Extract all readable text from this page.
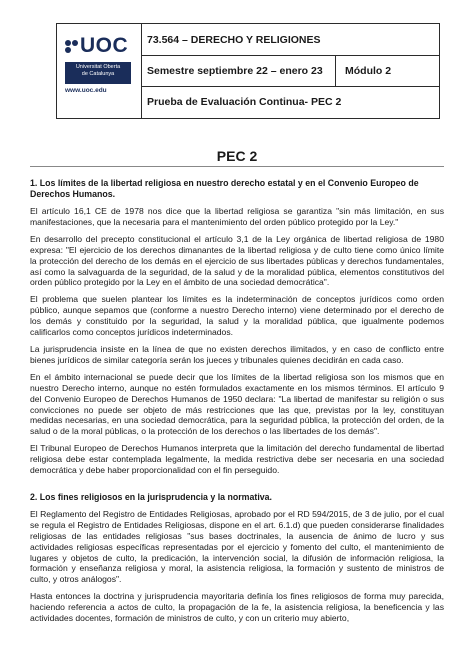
UOC
Universitat Oberta
de Catalunya
www.uoc.edu
73.564 – DERECHO Y RELIGIONES
Semestre septiembre 22 – enero 23 Módulo 2
Prueba de Evaluación Continua- PEC 2
PEC 2
1. Los límites de la libertad religiosa en nuestro derecho estatal y en el Convenio Europeo de Derechos Humanos.

El artículo 16,1 CE de 1978 nos dice que la libertad religiosa se garantiza "sin más limitación, en sus manifestaciones, que la necesaria para el mantenimiento del orden público protegido por la Ley."

En desarrollo del precepto constitucional el artículo 3,1 de la Ley orgánica de libertad religiosa de 1980 expresa: "El ejercicio de los derechos dimanantes de la libertad religiosa y de culto tiene como único límite la protección del derecho de los demás en el ejercicio de sus libertades públicas y derechos fundamentales, así como la salvaguarda de la seguridad, de la salud y de la moralidad pública, elementos constitutivos del orden público protegido por la Ley en el ámbito de una sociedad democrática".

El problema que suelen plantear los límites es la indeterminación de conceptos jurídicos como orden público, aunque sepamos que (conforme a nuestro Derecho interno) viene determinado por el derecho de los demás y constituido por la seguridad, la salud y la moralidad pública, que igualmente podemos calificarlos como conceptos jurídicos indeterminados.

La jurisprudencia insiste en la línea de que no existen derechos ilimitados, y en caso de conflicto entre bienes jurídicos de similar categoría serán los jueces y tribunales quienes decidirán en cada caso.

En el ámbito internacional se puede decir que los límites de la libertad religiosa son los mismos que en nuestro Derecho interno, aunque no estén formulados exactamente en los mismos términos. El artículo 9 del Convenio Europeo de Derechos Humanos de 1950 declara: "La libertad de manifestar su religión o sus convicciones no puede ser objeto de más restricciones que las que, previstas por la ley, constituyan medidas necesarias, en una sociedad democrática, para la seguridad pública, la protección del orden, de la salud o de la moral públicas, o la protección de los derechos o las libertades de los demás".

El Tribunal Europeo de Derechos Humanos interpreta que la limitación del derecho fundamental de libertad religiosa debe estar contemplada legalmente, la medida restrictiva debe ser necesaria en una sociedad democrática y debe haber proporcionalidad con el fin perseguido.

2. Los fines religiosos en la jurisprudencia y la normativa.

El Reglamento del Registro de Entidades Religiosas, aprobado por el RD 594/2015, de 3 de julio, por el cual se regula el Registro de Entidades Religiosas, dispone en el art. 6.1.d) que pueden considerarse finalidades religiosas de las entidades religiosas "sus bases doctrinales, la ausencia de ánimo de lucro y sus actividades religiosas específicas representadas por el ejercicio y fomento del culto, el mantenimiento de lugares y objetos de culto, la predicación, la intervención social, la difusión de información religiosa, la formación y enseñanza religiosa y moral, la asistencia religiosa, la formación y sustento de ministros de culto, y otros análogos".

Hasta entonces la doctrina y jurisprudencia mayoritaria definía los fines religiosos de forma muy parecida, haciendo referencia a actos de culto, la propagación de la fe, la asistencia religiosa, la beneficencia y las actividades docentes, formación de ministros de culto, y con un criterio muy abierto,
